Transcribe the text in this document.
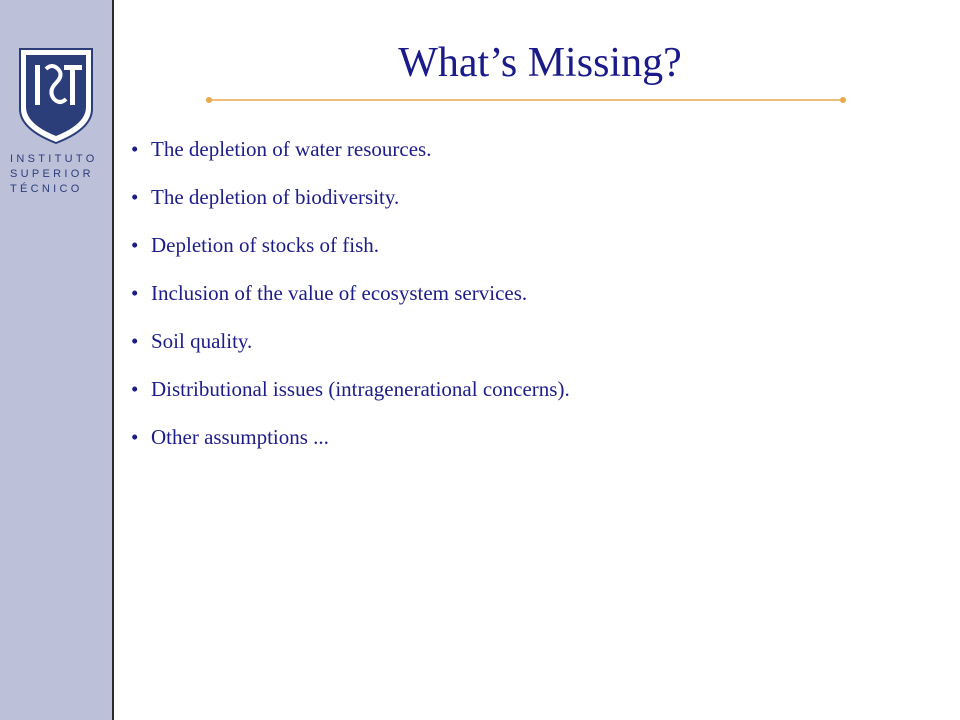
INSTITUTO
SUPERIOR
TÉCNICO
What’s Missing?
• The depletion of water resources.
• The depletion of biodiversity.
• Depletion of stocks of fish.
• Inclusion of the value of ecosystem services.
• Soil quality.
• Distributional issues (intragenerational concerns).
• Other assumptions ...
